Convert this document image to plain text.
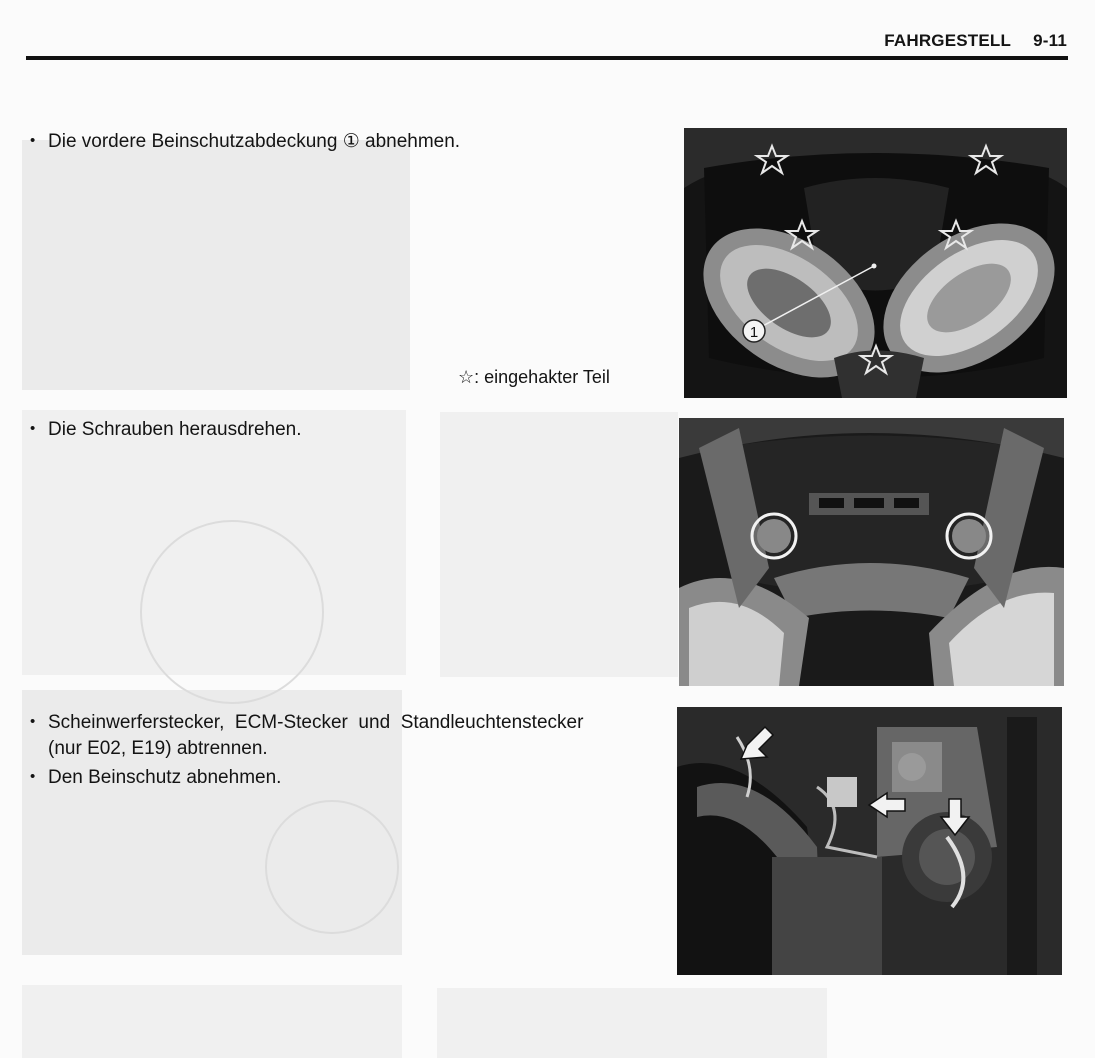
FAHRGESTELL 9-11
• Die vordere Beinschutzabdeckung ① abnehmen.
☆: eingehakter Teil
1
• Die Schrauben herausdrehen.
• Scheinwerferstecker,  ECM-Stecker  und  Standleuchtenstecker
(nur E02, E19) abtrennen.
• Den Beinschutz abnehmen.
